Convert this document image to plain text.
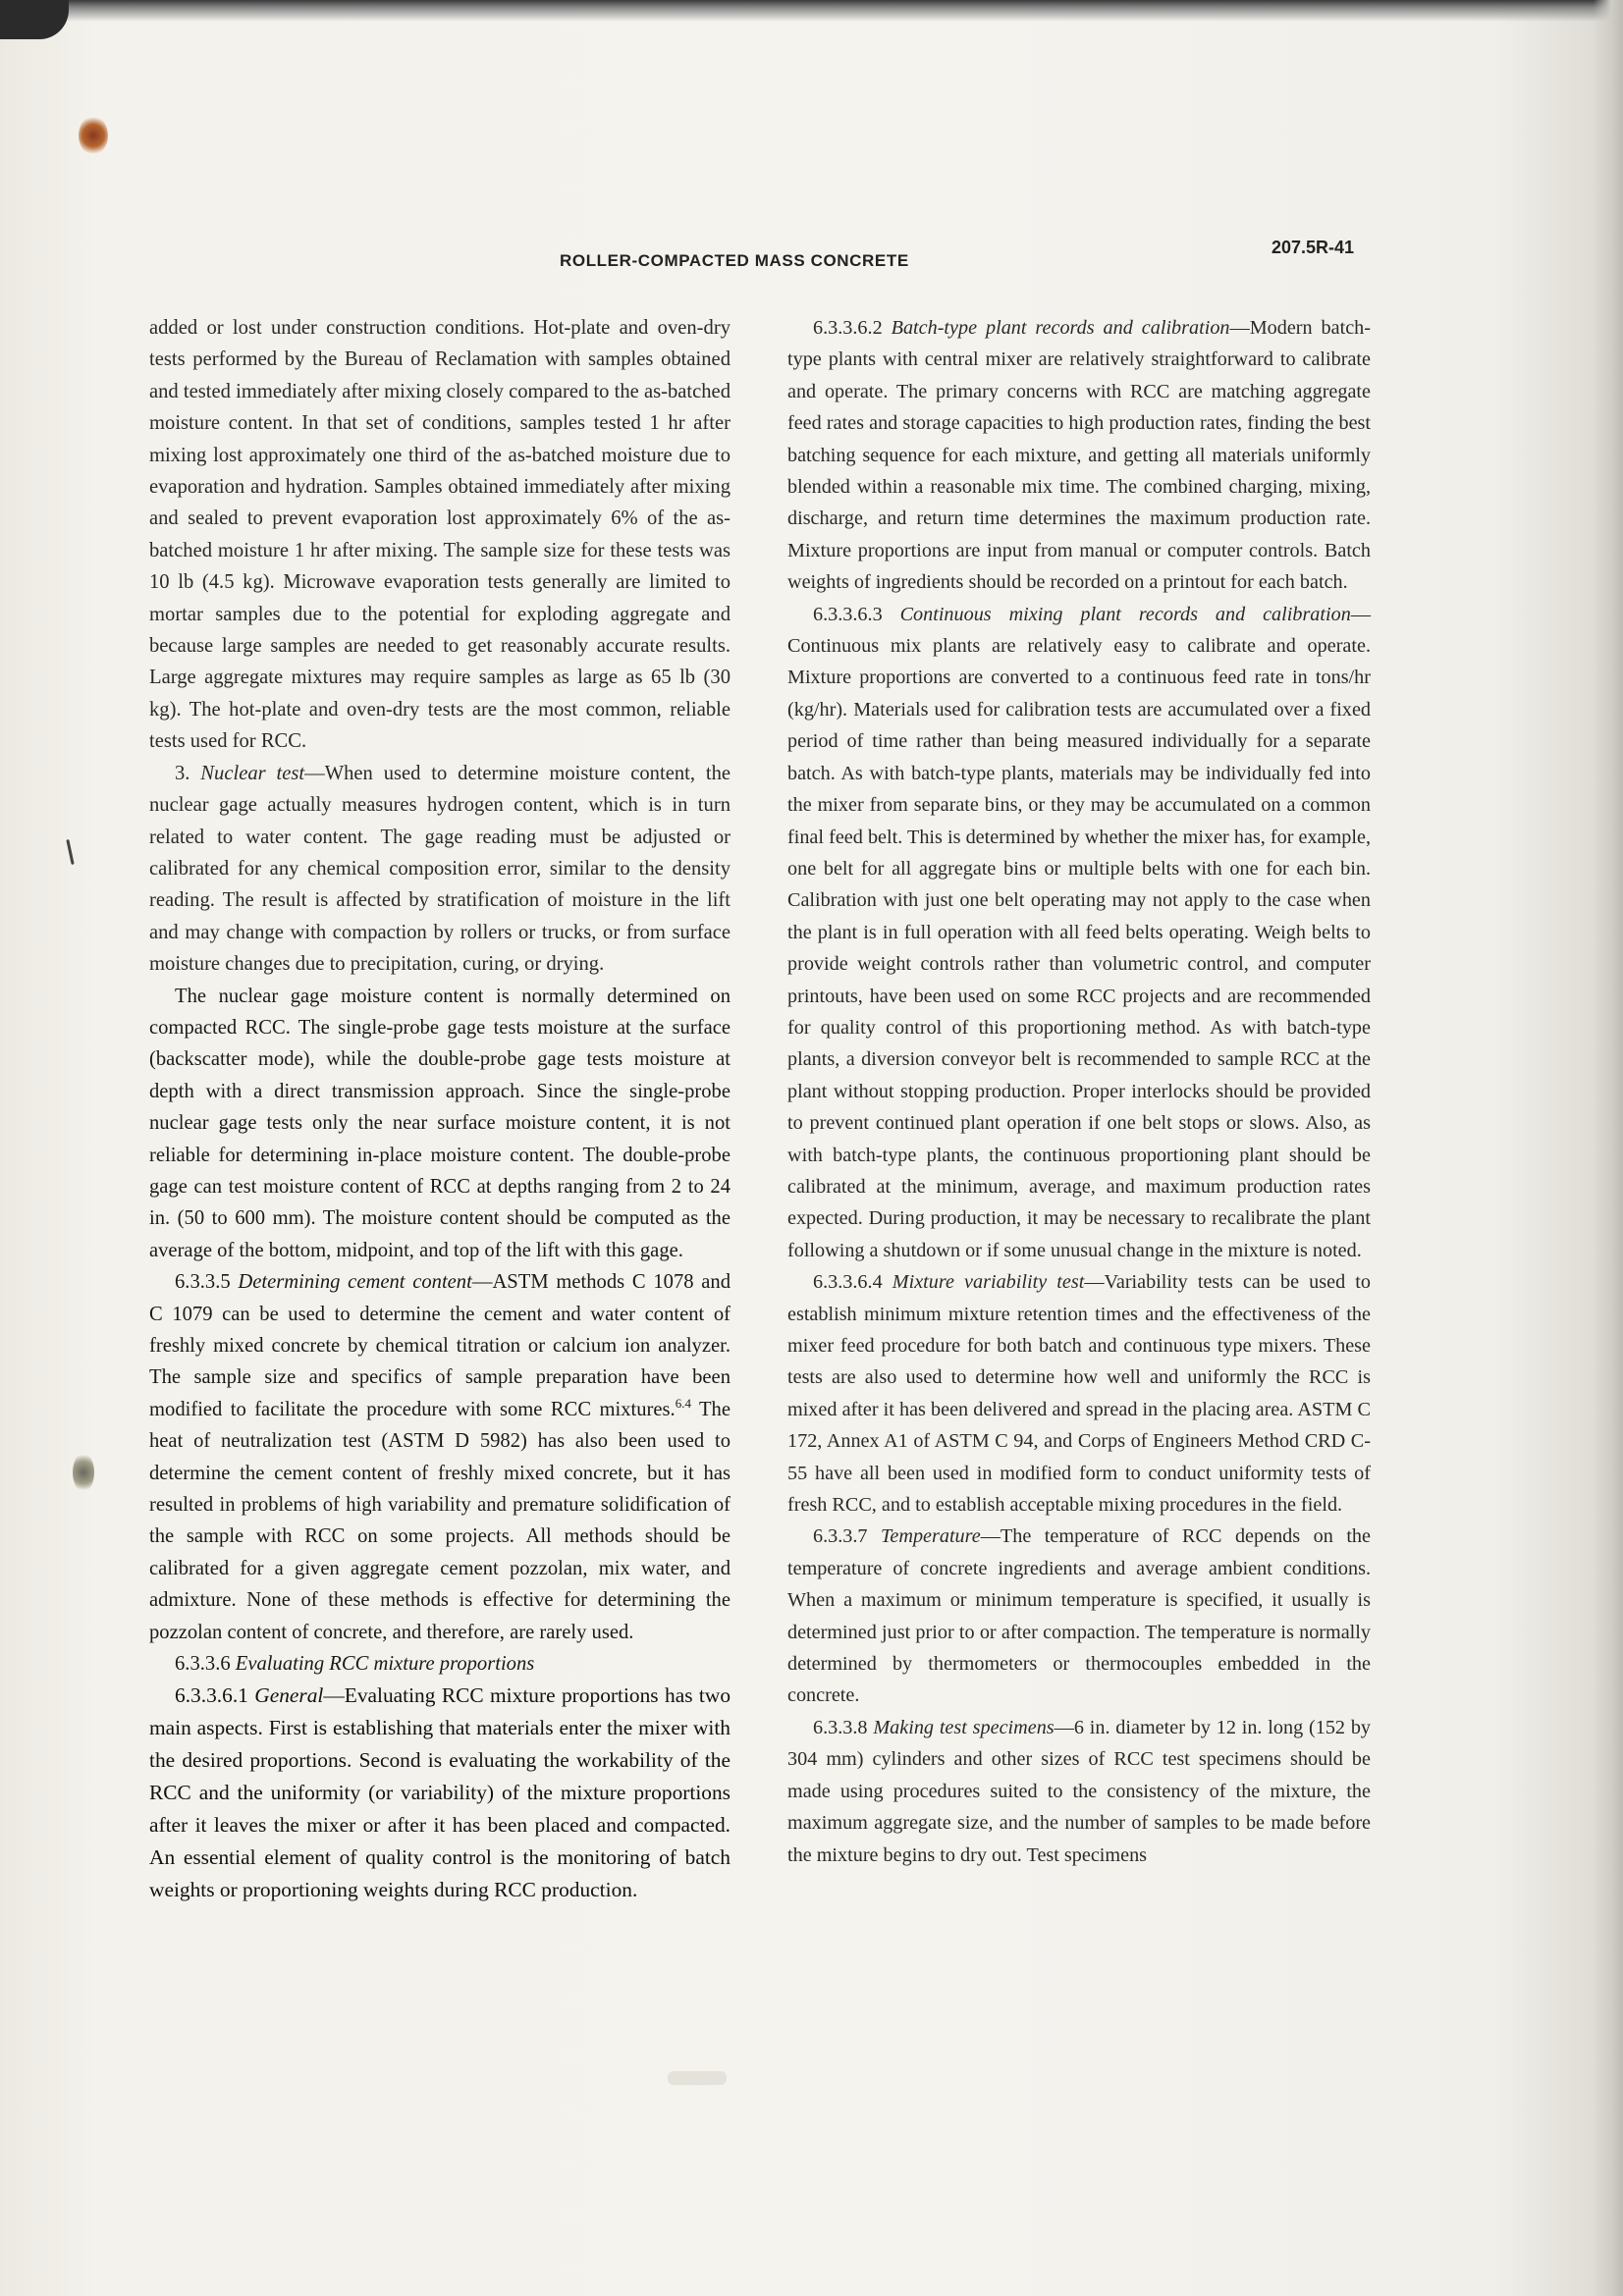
ROLLER-COMPACTED MASS CONCRETE
207.5R-41

added or lost under construction conditions. Hot-plate and oven-dry tests performed by the Bureau of Reclamation with samples obtained and tested immediately after mixing closely compared to the as-batched moisture content. In that set of conditions, samples tested 1 hr after mixing lost approximately one third of the as-batched moisture due to evaporation and hydration. Samples obtained immediately after mixing and sealed to prevent evaporation lost approximately 6% of the as-batched moisture 1 hr after mixing. The sample size for these tests was 10 lb (4.5 kg). Microwave evaporation tests generally are limited to mortar samples due to the potential for exploding aggregate and because large samples are needed to get reasonably accurate results. Large aggregate mixtures may require samples as large as 65 lb (30 kg). The hot-plate and oven-dry tests are the most common, reliable tests used for RCC.

3. Nuclear test—When used to determine moisture content, the nuclear gage actually measures hydrogen content, which is in turn related to water content. The gage reading must be adjusted or calibrated for any chemical composition error, similar to the density reading. The result is affected by stratification of moisture in the lift and may change with compaction by rollers or trucks, or from surface moisture changes due to precipitation, curing, or drying.

The nuclear gage moisture content is normally determined on compacted RCC. The single-probe gage tests moisture at the surface (backscatter mode), while the double-probe gage tests moisture at depth with a direct transmission approach. Since the single-probe nuclear gage tests only the near surface moisture content, it is not reliable for determining in-place moisture content. The double-probe gage can test moisture content of RCC at depths ranging from 2 to 24 in. (50 to 600 mm). The moisture content should be computed as the average of the bottom, midpoint, and top of the lift with this gage.

6.3.3.5 Determining cement content—ASTM methods C 1078 and C 1079 can be used to determine the cement and water content of freshly mixed concrete by chemical titration or calcium ion analyzer. The sample size and specifics of sample preparation have been modified to facilitate the procedure with some RCC mixtures.$^{6.4}$ The heat of neutralization test (ASTM D 5982) has also been used to determine the cement content of freshly mixed concrete, but it has resulted in problems of high variability and premature solidification of the sample with RCC on some projects. All methods should be calibrated for a given aggregate cement pozzolan, mix water, and admixture. None of these methods is effective for determining the pozzolan content of concrete, and therefore, are rarely used.

6.3.3.6 Evaluating RCC mixture proportions

6.3.3.6.1 General—Evaluating RCC mixture proportions has two main aspects. First is establishing that materials enter the mixer with the desired proportions. Second is evaluating the workability of the RCC and the uniformity (or variability) of the mixture proportions after it leaves the mixer or after it has been placed and compacted. An essential element of quality control is the monitoring of batch weights or proportioning weights during RCC production.

6.3.3.6.2 Batch-type plant records and calibration—Modern batch-type plants with central mixer are relatively straightforward to calibrate and operate. The primary concerns with RCC are matching aggregate feed rates and storage capacities to high production rates, finding the best batching sequence for each mixture, and getting all materials uniformly blended within a reasonable mix time. The combined charging, mixing, discharge, and return time determines the maximum production rate. Mixture proportions are input from manual or computer controls. Batch weights of ingredients should be recorded on a printout for each batch.

6.3.3.6.3 Continuous mixing plant records and calibration—Continuous mix plants are relatively easy to calibrate and operate. Mixture proportions are converted to a continuous feed rate in tons/hr (kg/hr). Materials used for calibration tests are accumulated over a fixed period of time rather than being measured individually for a separate batch. As with batch-type plants, materials may be individually fed into the mixer from separate bins, or they may be accumulated on a common final feed belt. This is determined by whether the mixer has, for example, one belt for all aggregate bins or multiple belts with one for each bin. Calibration with just one belt operating may not apply to the case when the plant is in full operation with all feed belts operating. Weigh belts to provide weight controls rather than volumetric control, and computer printouts, have been used on some RCC projects and are recommended for quality control of this proportioning method. As with batch-type plants, a diversion conveyor belt is recommended to sample RCC at the plant without stopping production. Proper interlocks should be provided to prevent continued plant operation if one belt stops or slows. Also, as with batch-type plants, the continuous proportioning plant should be calibrated at the minimum, average, and maximum production rates expected. During production, it may be necessary to recalibrate the plant following a shutdown or if some unusual change in the mixture is noted.

6.3.3.6.4 Mixture variability test—Variability tests can be used to establish minimum mixture retention times and the effectiveness of the mixer feed procedure for both batch and continuous type mixers. These tests are also used to determine how well and uniformly the RCC is mixed after it has been delivered and spread in the placing area. ASTM C 172, Annex A1 of ASTM C 94, and Corps of Engineers Method CRD C-55 have all been used in modified form to conduct uniformity tests of fresh RCC, and to establish acceptable mixing procedures in the field.

6.3.3.7 Temperature—The temperature of RCC depends on the temperature of concrete ingredients and average ambient conditions. When a maximum or minimum temperature is specified, it usually is determined just prior to or after compaction. The temperature is normally determined by thermometers or thermocouples embedded in the concrete.

6.3.3.8 Making test specimens—6 in. diameter by 12 in. long (152 by 304 mm) cylinders and other sizes of RCC test specimens should be made using procedures suited to the consistency of the mixture, the maximum aggregate size, and the number of samples to be made before the mixture begins to dry out. Test specimens
